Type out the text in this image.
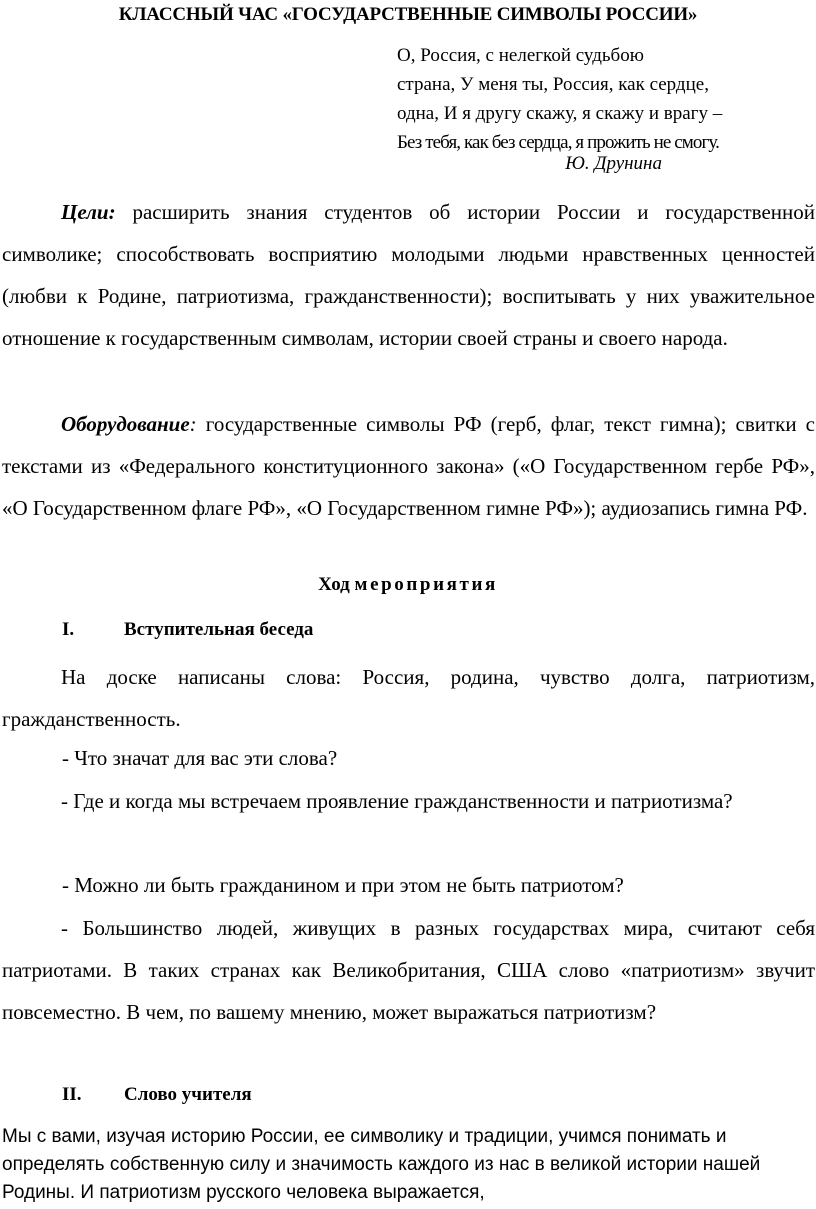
КЛАССНЫЙ ЧАС «ГОСУДАРСТВЕННЫЕ СИМВОЛЫ РОССИИ»
О, Россия, с нелегкой судьбою
страна, У меня ты, Россия, как сердце,
одна, И я другу скажу, я скажу и врагу –
Без тебя, как без сердца, я прожить не смогу.
Ю. Друнина

Цели: расширить знания студентов об истории России и государственной символике; способствовать восприятию молодыми людьми нравственных ценностей (любви к Родине, патриотизма, гражданственности); воспитывать у них уважительное отношение к государственным символам, истории своей страны и своего народа.

Оборудование: государственные символы РФ (герб, флаг, текст гимна); свитки с текстами из «Федерального конституционного закона» («О Государственном гербе РФ», «О Государственном флаге РФ», «О Государственном гимне РФ»); аудиозапись гимна РФ.

Ход мероприятия
I.	Вступительная беседа

На доске написаны слова: Россия, родина, чувство долга, патриотизм, гражданственность.

- Что значат для вас эти слова?

- Где и когда мы встречаем проявление гражданственности и патриотизма?

- Можно ли быть гражданином и при этом не быть патриотом?

- Большинство людей, живущих в разных государствах мира, считают себя патриотами. В таких странах как Великобритания, США слово «патриотизм» звучит повсеместно. В чем, по вашему мнению, может выражаться патриотизм?

II. Слово учителя

Мы с вами, изучая историю России, ее символику и традиции, учимся понимать и определять собственную силу и значимость каждого из нас в великой истории нашей Родины. И патриотизм русского человека выражается,
